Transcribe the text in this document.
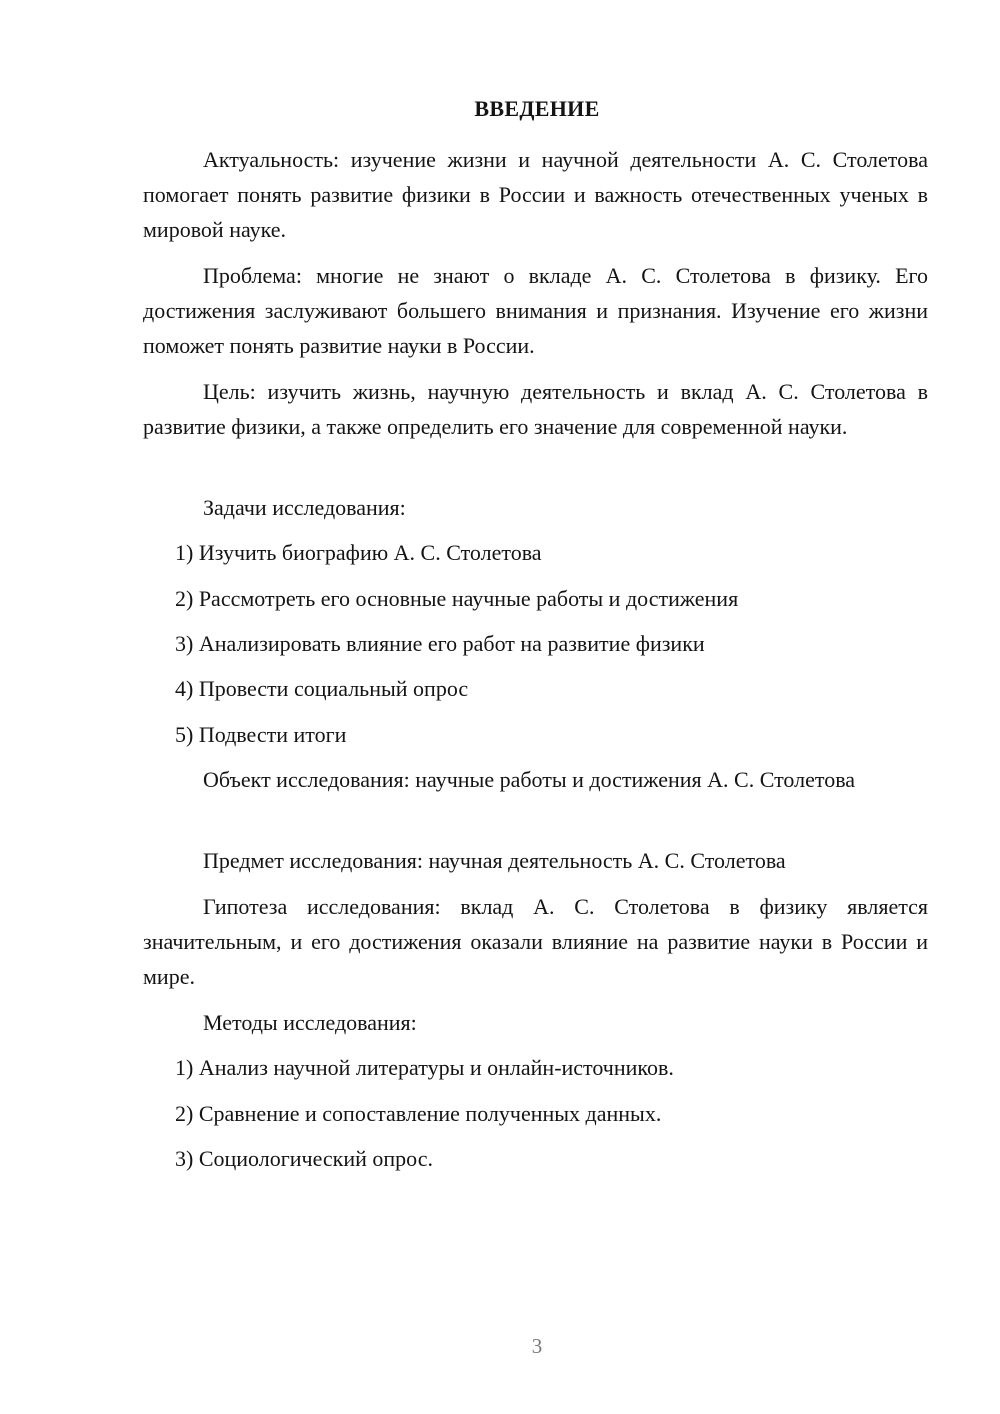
ВВЕДЕНИЕ
Актуальность: изучение жизни и научной деятельности А. С. Столетова помогает понять развитие физики в России и важность отечественных ученых в мировой науке.
Проблема: многие не знают о вкладе А. С. Столетова в физику. Его достижения заслуживают большего внимания и признания. Изучение его жизни поможет понять развитие науки в России.
Цель: изучить жизнь, научную деятельность и вклад А. С. Столетова в развитие физики, а также определить его значение для современной науки.
Задачи исследования:
1) Изучить биографию А. С. Столетова
2) Рассмотреть его основные научные работы и достижения
3) Анализировать влияние его работ на развитие физики
4) Провести социальный опрос
5) Подвести итоги
Объект исследования: научные работы и достижения А. С. Столетова
Предмет исследования: научная деятельность А. С. Столетова
Гипотеза исследования: вклад А. С. Столетова в физику является значительным, и его достижения оказали влияние на развитие науки в России и мире.
Методы исследования:
1) Анализ научной литературы и онлайн-источников.
2) Сравнение и сопоставление полученных данных.
3) Социологический опрос.
3
